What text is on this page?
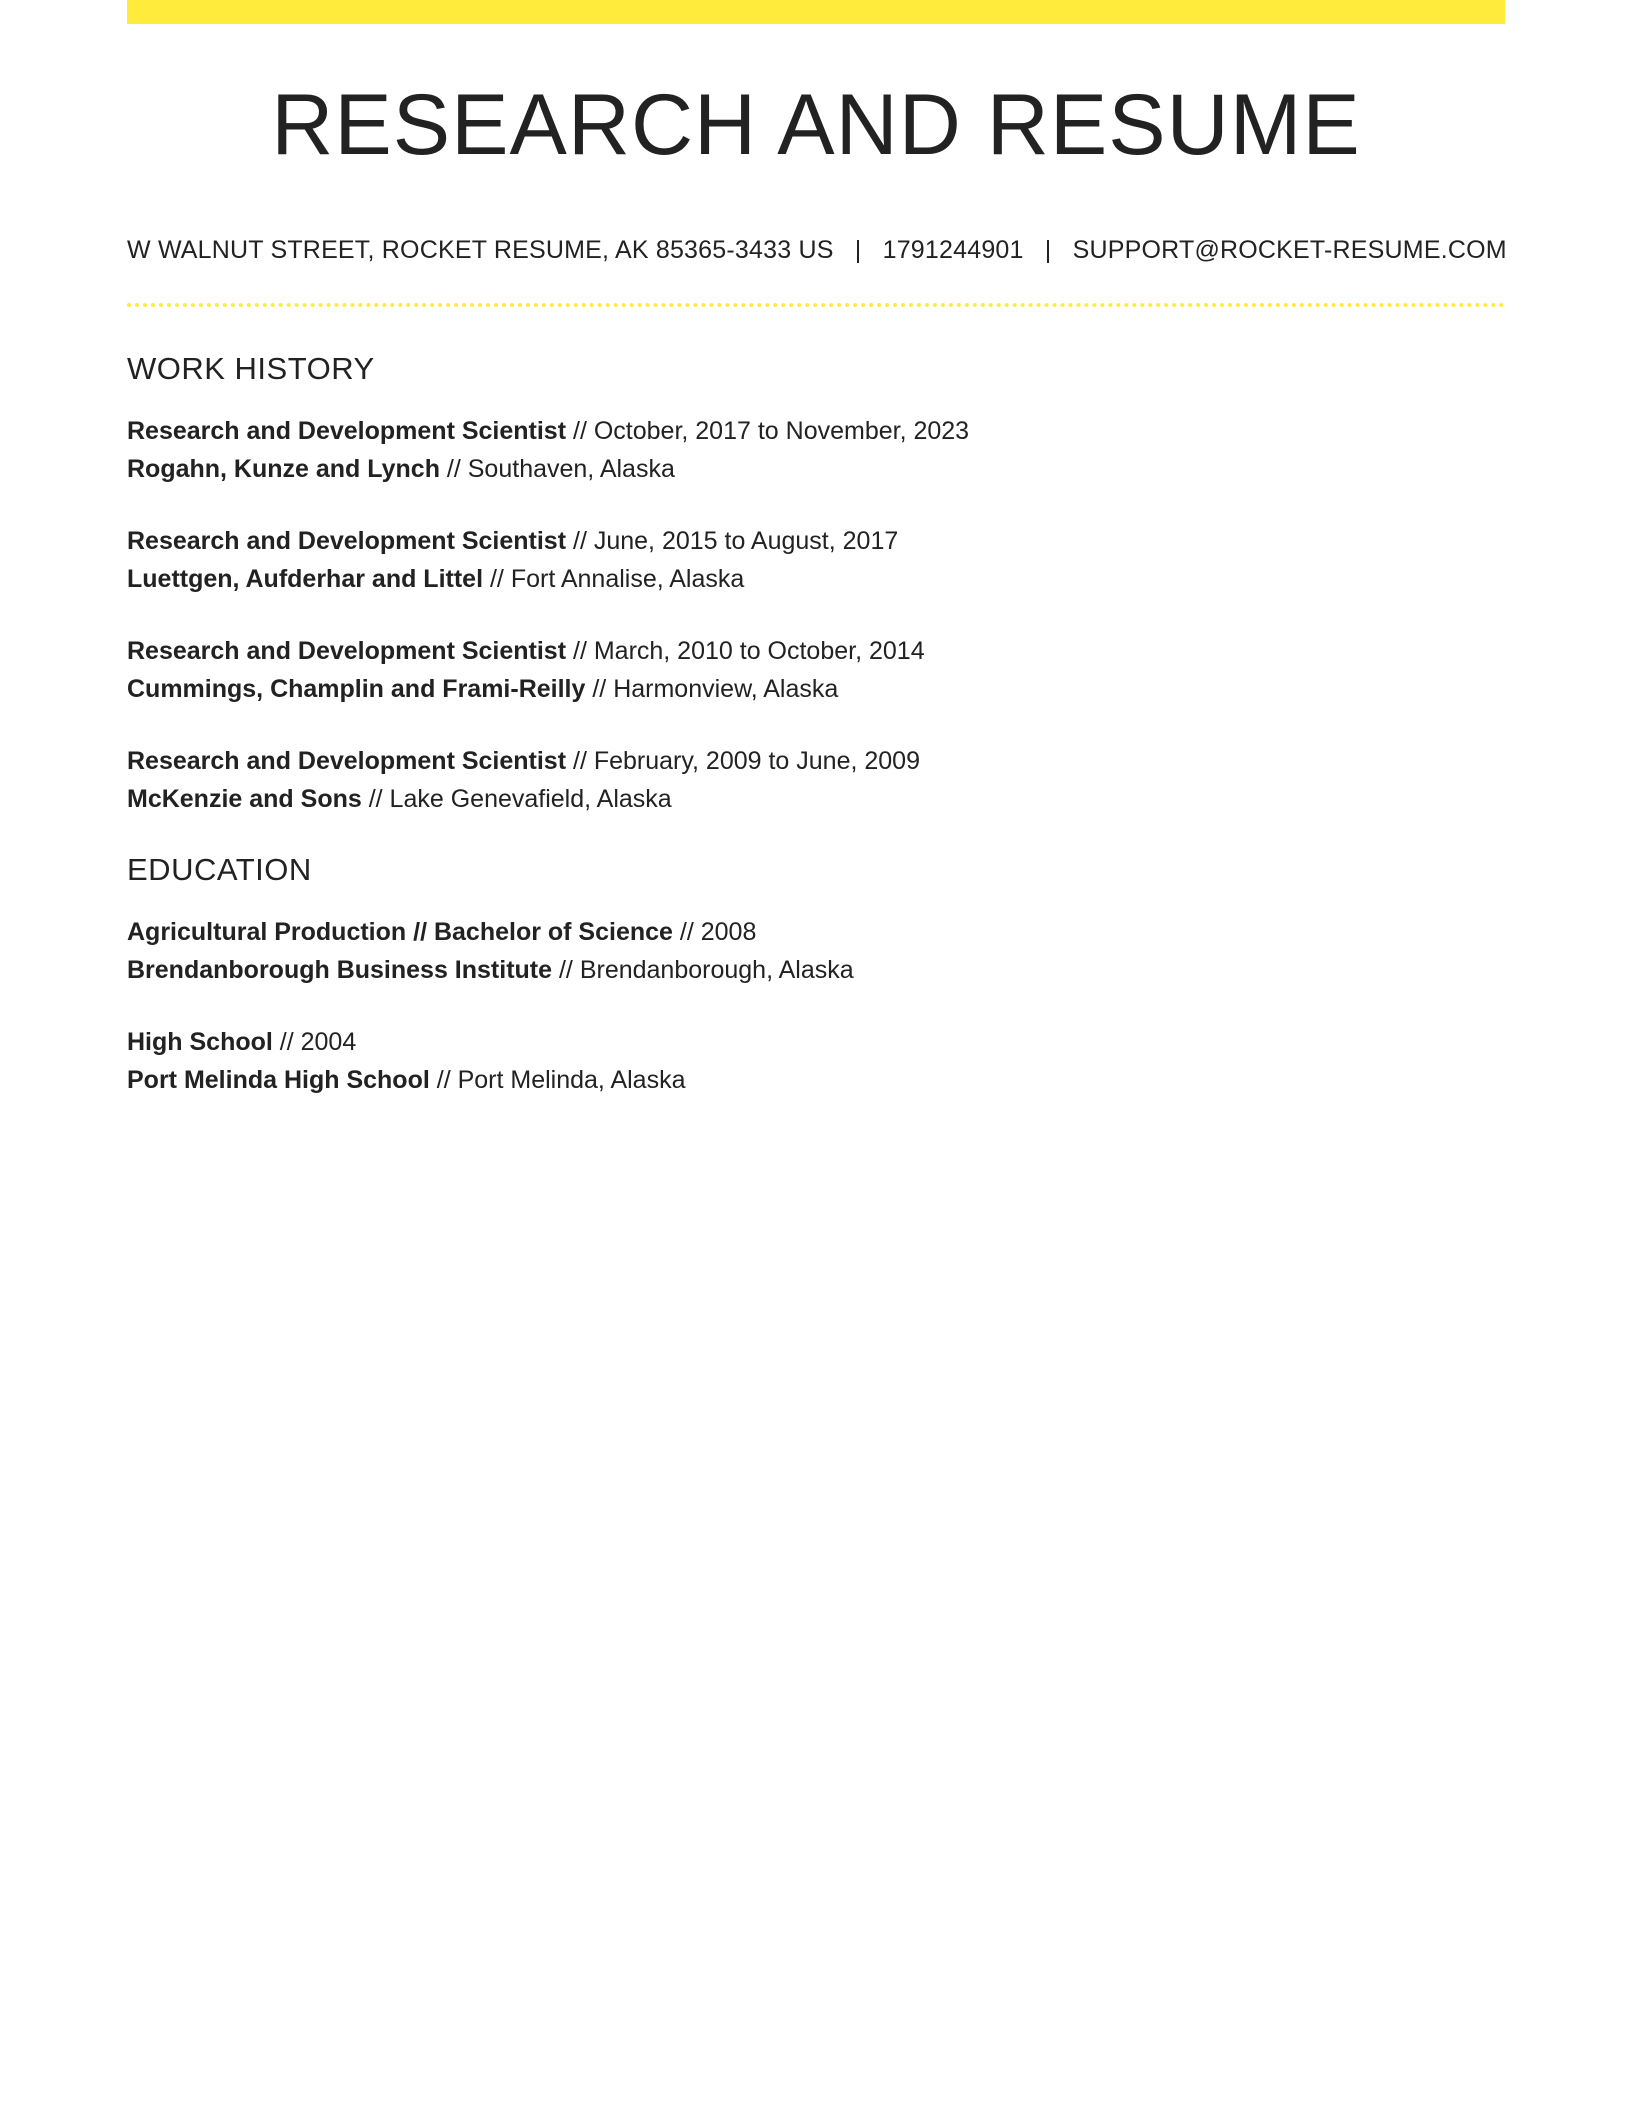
RESEARCH AND RESUME
W WALNUT STREET, ROCKET RESUME, AK 85365-3433 US | 1791244901 | SUPPORT@ROCKET-RESUME.COM
WORK HISTORY
Research and Development Scientist // October, 2017 to November, 2023
Rogahn, Kunze and Lynch // Southaven, Alaska
Research and Development Scientist // June, 2015 to August, 2017
Luettgen, Aufderhar and Littel // Fort Annalise, Alaska
Research and Development Scientist // March, 2010 to October, 2014
Cummings, Champlin and Frami-Reilly // Harmonview, Alaska
Research and Development Scientist // February, 2009 to June, 2009
McKenzie and Sons // Lake Genevafield, Alaska
EDUCATION
Agricultural Production // Bachelor of Science // 2008
Brendanborough Business Institute // Brendanborough, Alaska
High School // 2004
Port Melinda High School // Port Melinda, Alaska
